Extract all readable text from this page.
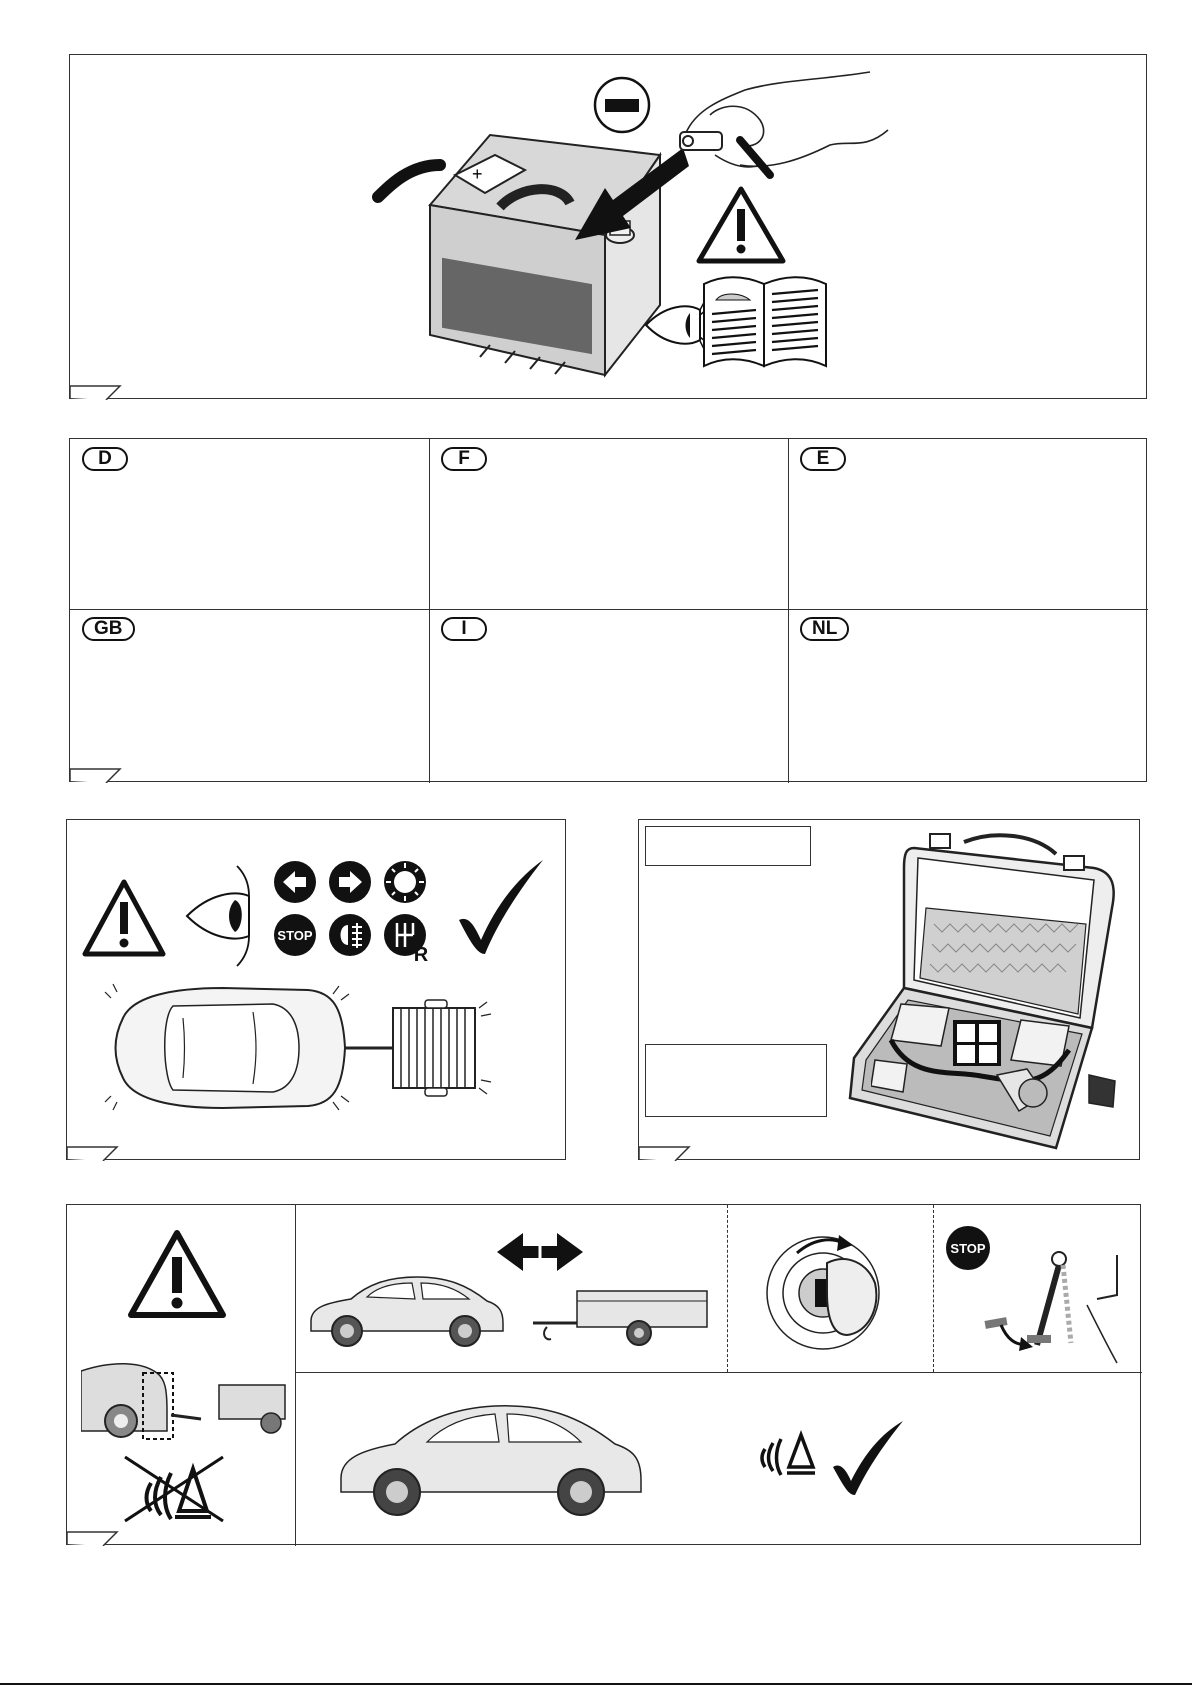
+
D	F	E
GB	I	NL
STOP
R
STOP
